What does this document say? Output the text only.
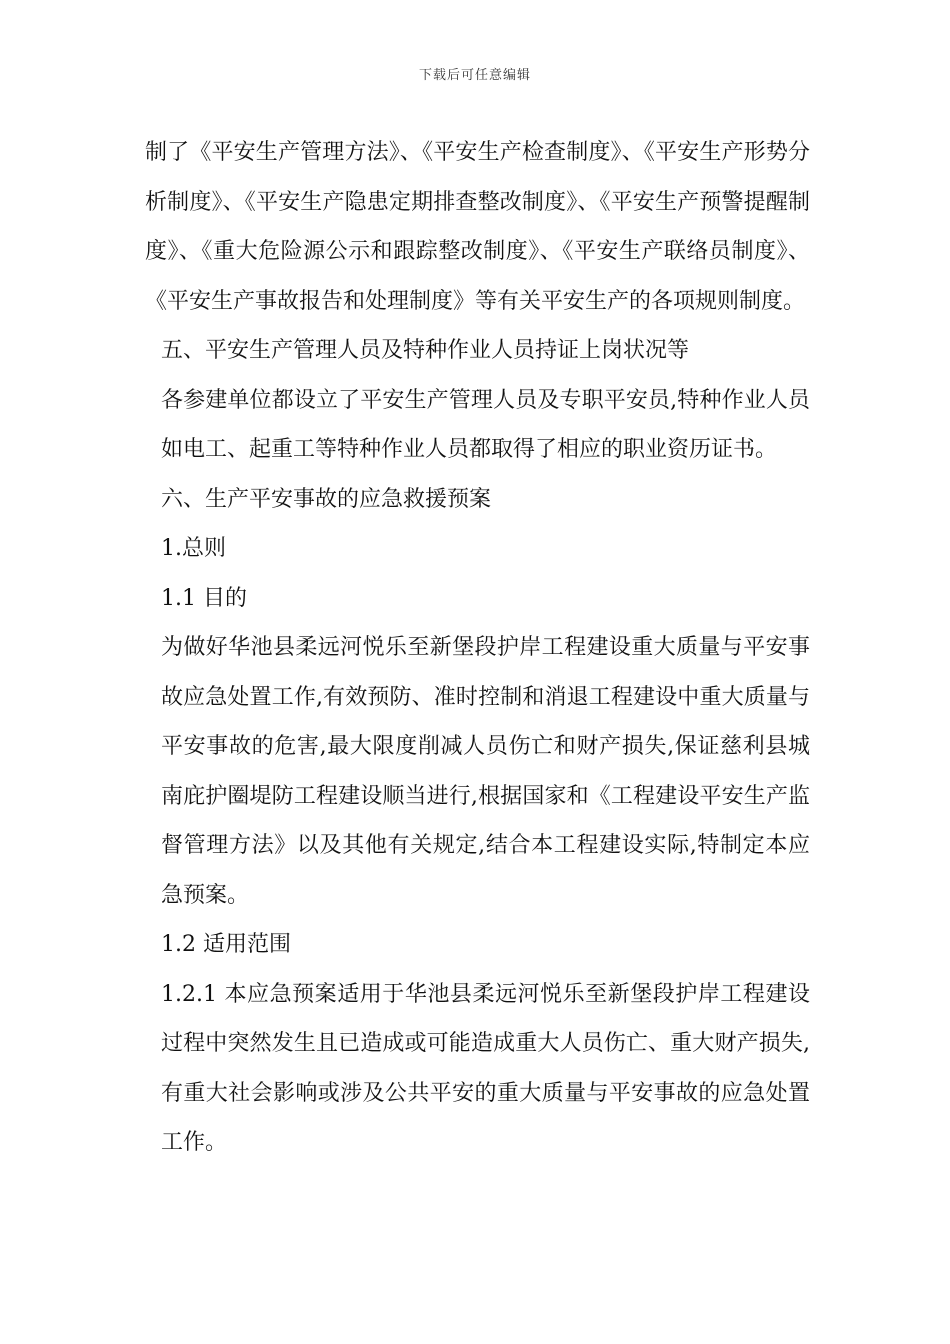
下载后可任意编辑

制了《平安生产管理方法》、《平安生产检查制度》、《平安生产形势分析制度》、《平安生产隐患定期排查整改制度》、《平安生产预警提醒制度》、《重大危险源公示和跟踪整改制度》、《平安生产联络员制度》、《平安生产事故报告和处理制度》等有关平安生产的各项规则制度。

五、平安生产管理人员及特种作业人员持证上岗状况等

各参建单位都设立了平安生产管理人员及专职平安员,特种作业人员如电工、起重工等特种作业人员都取得了相应的职业资历证书。

六、生产平安事故的应急救援预案

1.总则

1.1 目的

为做好华池县柔远河悦乐至新堡段护岸工程建设重大质量与平安事故应急处置工作,有效预防、准时控制和消退工程建设中重大质量与平安事故的危害,最大限度削减人员伤亡和财产损失,保证慈利县城南庇护圈堤防工程建设顺当进行,根据国家和《工程建设平安生产监督管理方法》以及其他有关规定,结合本工程建设实际,特制定本应急预案。

1.2 适用范围

1.2.1 本应急预案适用于华池县柔远河悦乐至新堡段护岸工程建设过程中突然发生且已造成或可能造成重大人员伤亡、重大财产损失,有重大社会影响或涉及公共平安的重大质量与平安事故的应急处置工作。
